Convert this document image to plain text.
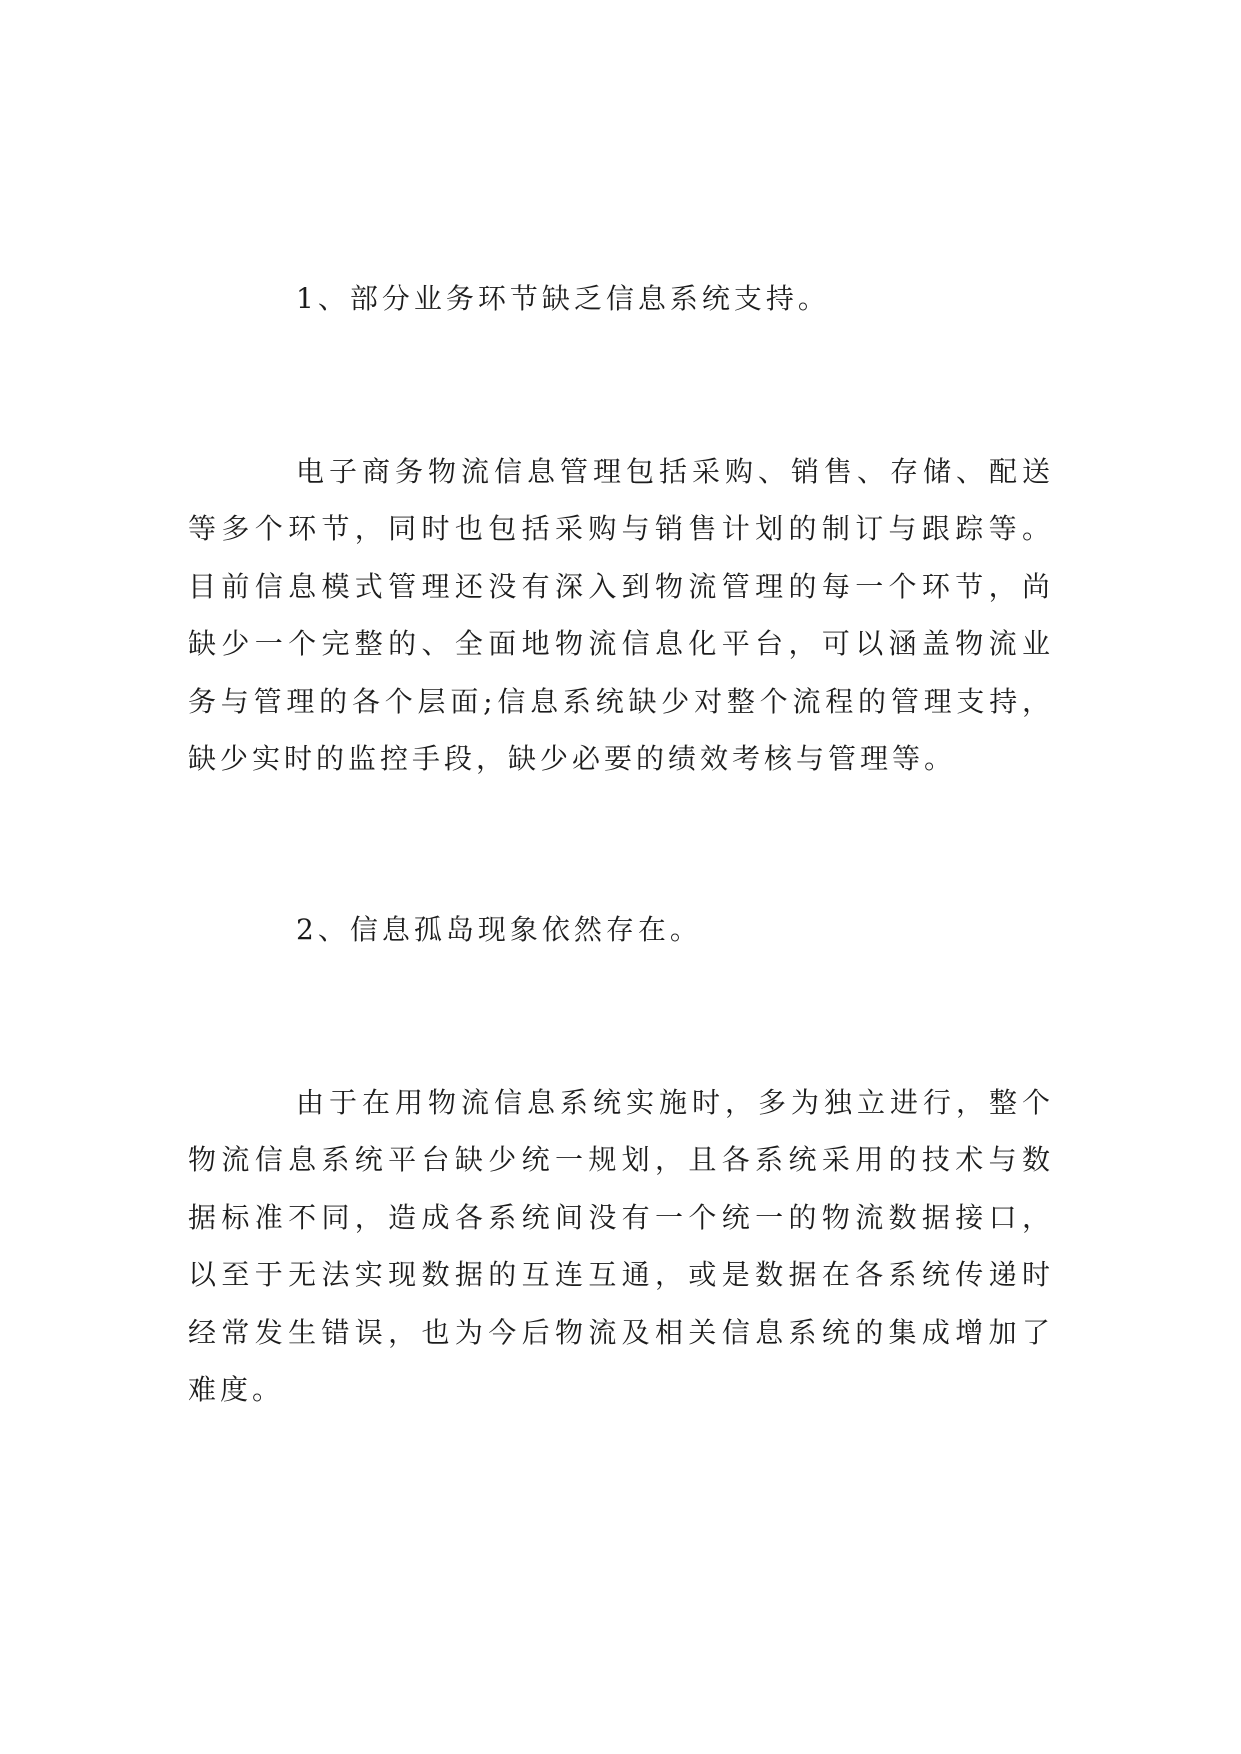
1、部分业务环节缺乏信息系统支持。
电子商务物流信息管理包括采购、销售、存储、配送
等多个环节，同时也包括采购与销售计划的制订与跟踪等。
目前信息模式管理还没有深入到物流管理的每一个环节，尚
缺少一个完整的、全面地物流信息化平台，可以涵盖物流业
务与管理的各个层面;信息系统缺少对整个流程的管理支持，
缺少实时的监控手段，缺少必要的绩效考核与管理等。
2、信息孤岛现象依然存在。
由于在用物流信息系统实施时，多为独立进行，整个
物流信息系统平台缺少统一规划，且各系统采用的技术与数
据标准不同，造成各系统间没有一个统一的物流数据接口，
以至于无法实现数据的互连互通，或是数据在各系统传递时
经常发生错误，也为今后物流及相关信息系统的集成增加了
难度。
